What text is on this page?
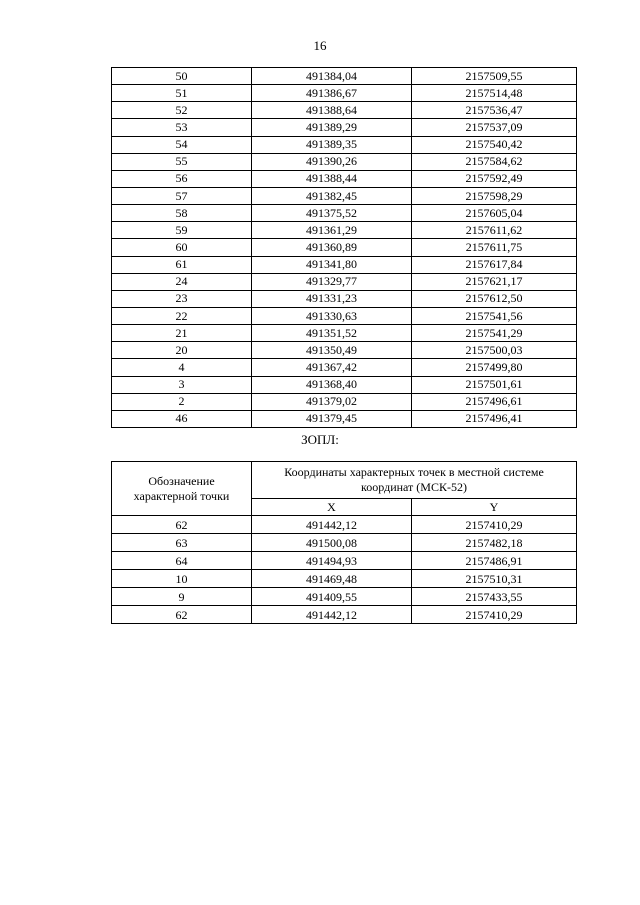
16
50	491384,04	2157509,55
51	491386,67	2157514,48
52	491388,64	2157536,47
53	491389,29	2157537,09
54	491389,35	2157540,42
55	491390,26	2157584,62
56	491388,44	2157592,49
57	491382,45	2157598,29
58	491375,52	2157605,04
59	491361,29	2157611,62
60	491360,89	2157611,75
61	491341,80	2157617,84
24	491329,77	2157621,17
23	491331,23	2157612,50
22	491330,63	2157541,56
21	491351,52	2157541,29
20	491350,49	2157500,03
4	491367,42	2157499,80
3	491368,40	2157501,61
2	491379,02	2157496,61
46	491379,45	2157496,41
ЗОПЛ:
Обозначение характерной точки	Координаты характерных точек в местной системе координат (МСК-52)	
	X	Y
62	491442,12	2157410,29
63	491500,08	2157482,18
64	491494,93	2157486,91
10	491469,48	2157510,31
9	491409,55	2157433,55
62	491442,12	2157410,29
